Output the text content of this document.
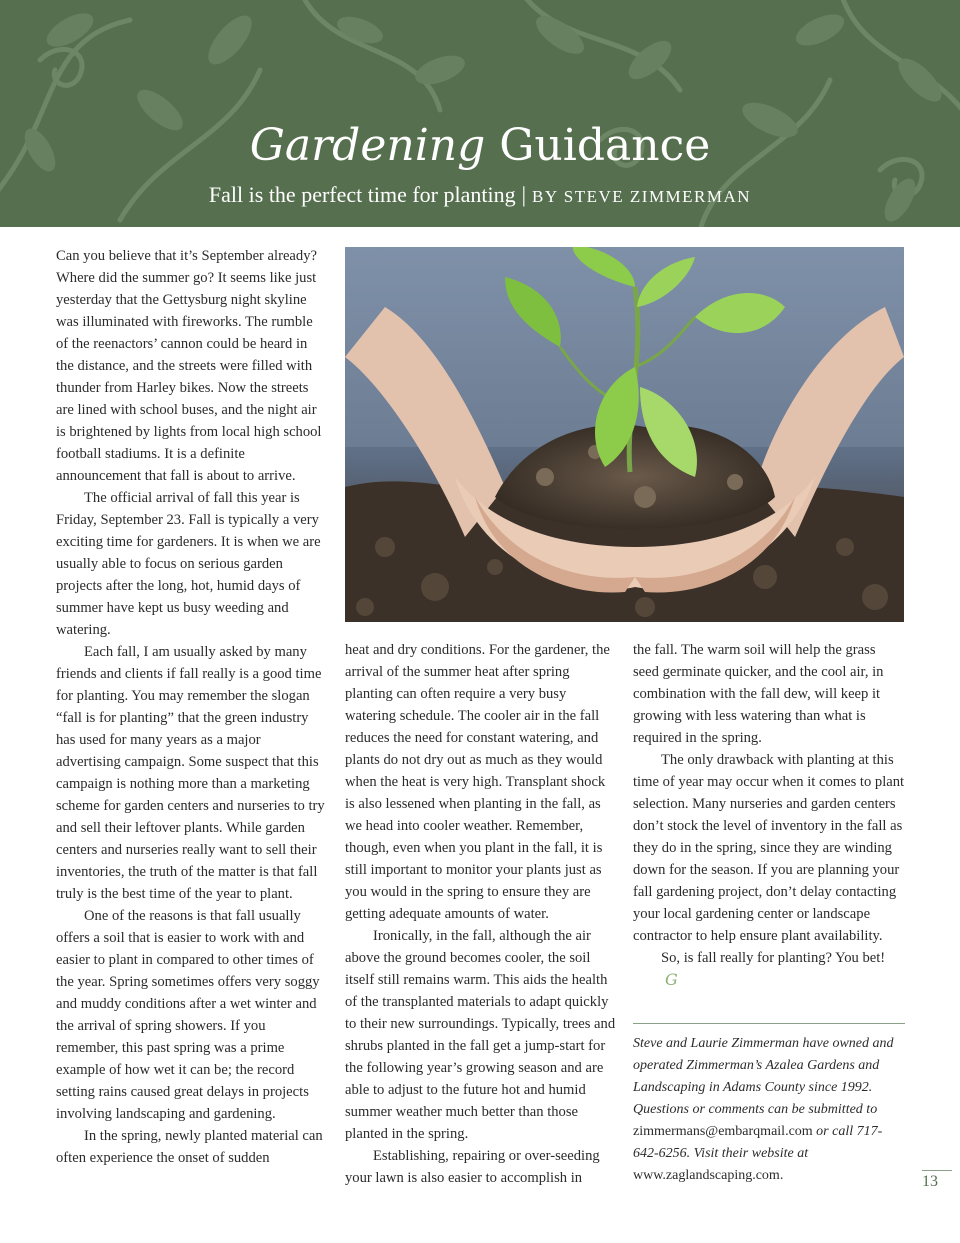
Gardening Guidance
Fall is the perfect time for planting | BY STEVE ZIMMERMAN

Can you believe that it’s September already? Where did the summer go? It seems like just yesterday that the Gettysburg night skyline was illuminated with fireworks. The rumble of the reenactors’ cannon could be heard in the distance, and the streets were filled with thunder from Harley bikes. Now the streets are lined with school buses, and the night air is brightened by lights from local high school football stadiums. It is a definite announcement that fall is about to arrive.

The official arrival of fall this year is Friday, September 23. Fall is typically a very exciting time for gardeners. It is when we are usually able to focus on serious garden projects after the long, hot, humid days of summer have kept us busy weeding and watering.

Each fall, I am usually asked by many friends and clients if fall really is a good time for planting. You may remember the slogan “fall is for planting” that the green industry has used for many years as a major advertising campaign. Some suspect that this campaign is nothing more than a marketing scheme for garden centers and nurseries to try and sell their leftover plants. While garden centers and nurseries really want to sell their inventories, the truth of the matter is that fall truly is the best time of the year to plant.

One of the reasons is that fall usually offers a soil that is easier to work with and easier to plant in compared to other times of the year. Spring sometimes offers very soggy and muddy conditions after a wet winter and the arrival of spring showers. If you remember, this past spring was a prime example of how wet it can be; the record setting rains caused great delays in projects involving landscaping and gardening.

In the spring, newly planted material can often experience the onset of sudden

heat and dry conditions. For the gardener, the arrival of the summer heat after spring planting can often require a very busy watering schedule. The cooler air in the fall reduces the need for constant watering, and plants do not dry out as much as they would when the heat is very high. Transplant shock is also lessened when planting in the fall, as we head into cooler weather. Remember, though, even when you plant in the fall, it is still important to monitor your plants just as you would in the spring to ensure they are getting adequate amounts of water.

Ironically, in the fall, although the air above the ground becomes cooler, the soil itself still remains warm. This aids the health of the transplanted materials to adapt quickly to their new surroundings. Typically, trees and shrubs planted in the fall get a jump-start for the following year’s growing season and are able to adjust to the future hot and humid summer weather much better than those planted in the spring.

Establishing, repairing or over-seeding your lawn is also easier to accomplish in

the fall. The warm soil will help the grass seed germinate quicker, and the cool air, in combination with the fall dew, will keep it growing with less watering than what is required in the spring.

The only drawback with planting at this time of year may occur when it comes to plant selection. Many nurseries and garden centers don’t stock the level of inventory in the fall as they do in the spring, since they are winding down for the season. If you are planning your fall gardening project, don’t delay contacting your local gardening center or landscape contractor to help ensure plant availability.

So, is fall really for planting? You bet!G

Steve and Laurie Zimmerman have owned and operated Zimmerman’s Azalea Gardens and Landscaping in Adams County since 1992. Questions or comments can be submitted to zimmermans@embarqmail.com or call 717-642-6256. Visit their website at www.zaglandscaping.com.	13
